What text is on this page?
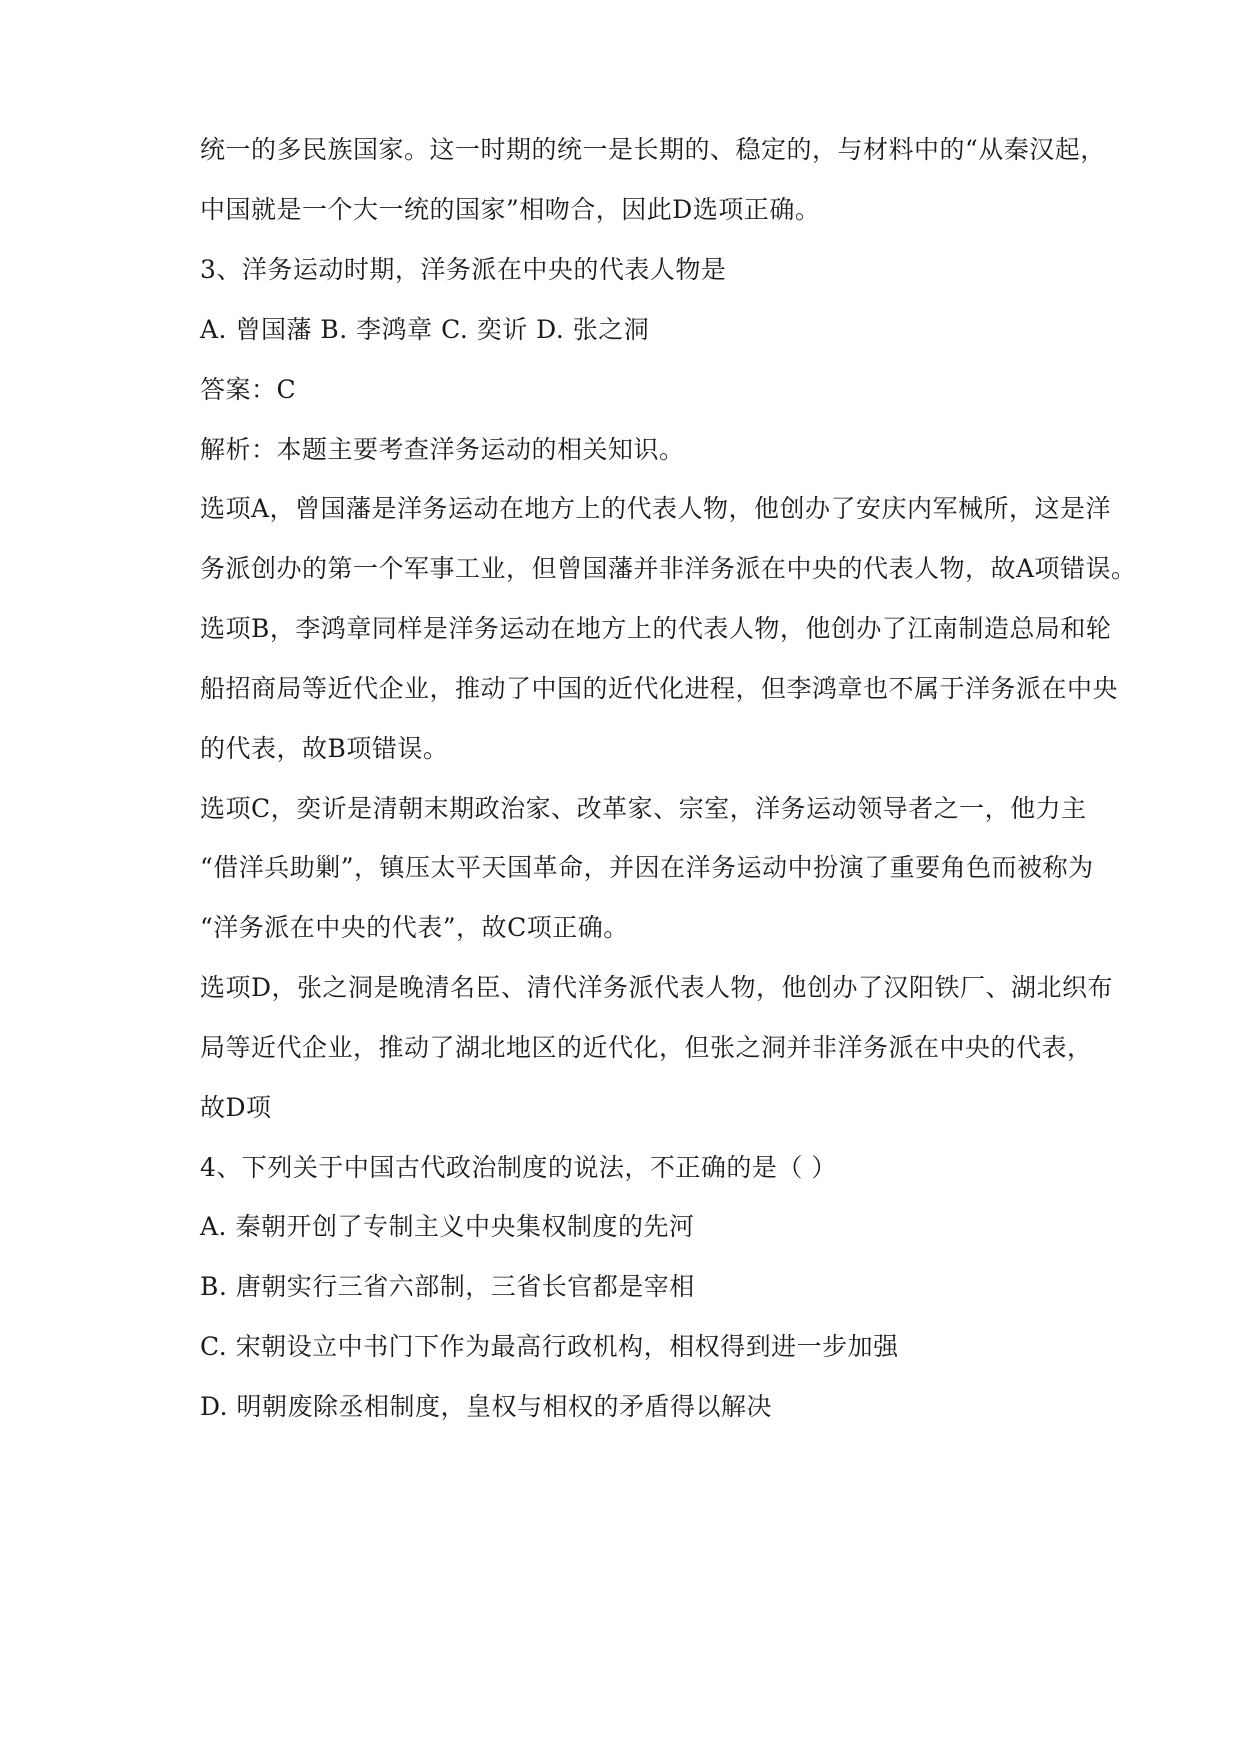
统一的多民族国家。这一时期的统一是长期的、稳定的，与材料中的“从秦汉起，
中国就是一个大一统的国家”相吻合，因此D选项正确。
3、洋务运动时期，洋务派在中央的代表人物是
A. 曾国藩 B. 李鸿章 C. 奕䜣 D. 张之洞
答案：C
解析：本题主要考查洋务运动的相关知识。
选项A，曾国藩是洋务运动在地方上的代表人物，他创办了安庆内军械所，这是洋
务派创办的第一个军事工业，但曾国藩并非洋务派在中央的代表人物，故A项错误。
选项B，李鸿章同样是洋务运动在地方上的代表人物，他创办了江南制造总局和轮
船招商局等近代企业，推动了中国的近代化进程，但李鸿章也不属于洋务派在中央
的代表，故B项错误。
选项C，奕䜣是清朝末期政治家、改革家、宗室，洋务运动领导者之一，他力主
“借洋兵助剿”，镇压太平天国革命，并因在洋务运动中扮演了重要角色而被称为
“洋务派在中央的代表”，故C项正确。
选项D，张之洞是晚清名臣、清代洋务派代表人物，他创办了汉阳铁厂、湖北织布
局等近代企业，推动了湖北地区的近代化，但张之洞并非洋务派在中央的代表，
故D项
4、下列关于中国古代政治制度的说法，不正确的是（ ）
A. 秦朝开创了专制主义中央集权制度的先河
B. 唐朝实行三省六部制，三省长官都是宰相
C. 宋朝设立中书门下作为最高行政机构，相权得到进一步加强
D. 明朝废除丞相制度，皇权与相权的矛盾得以解决
